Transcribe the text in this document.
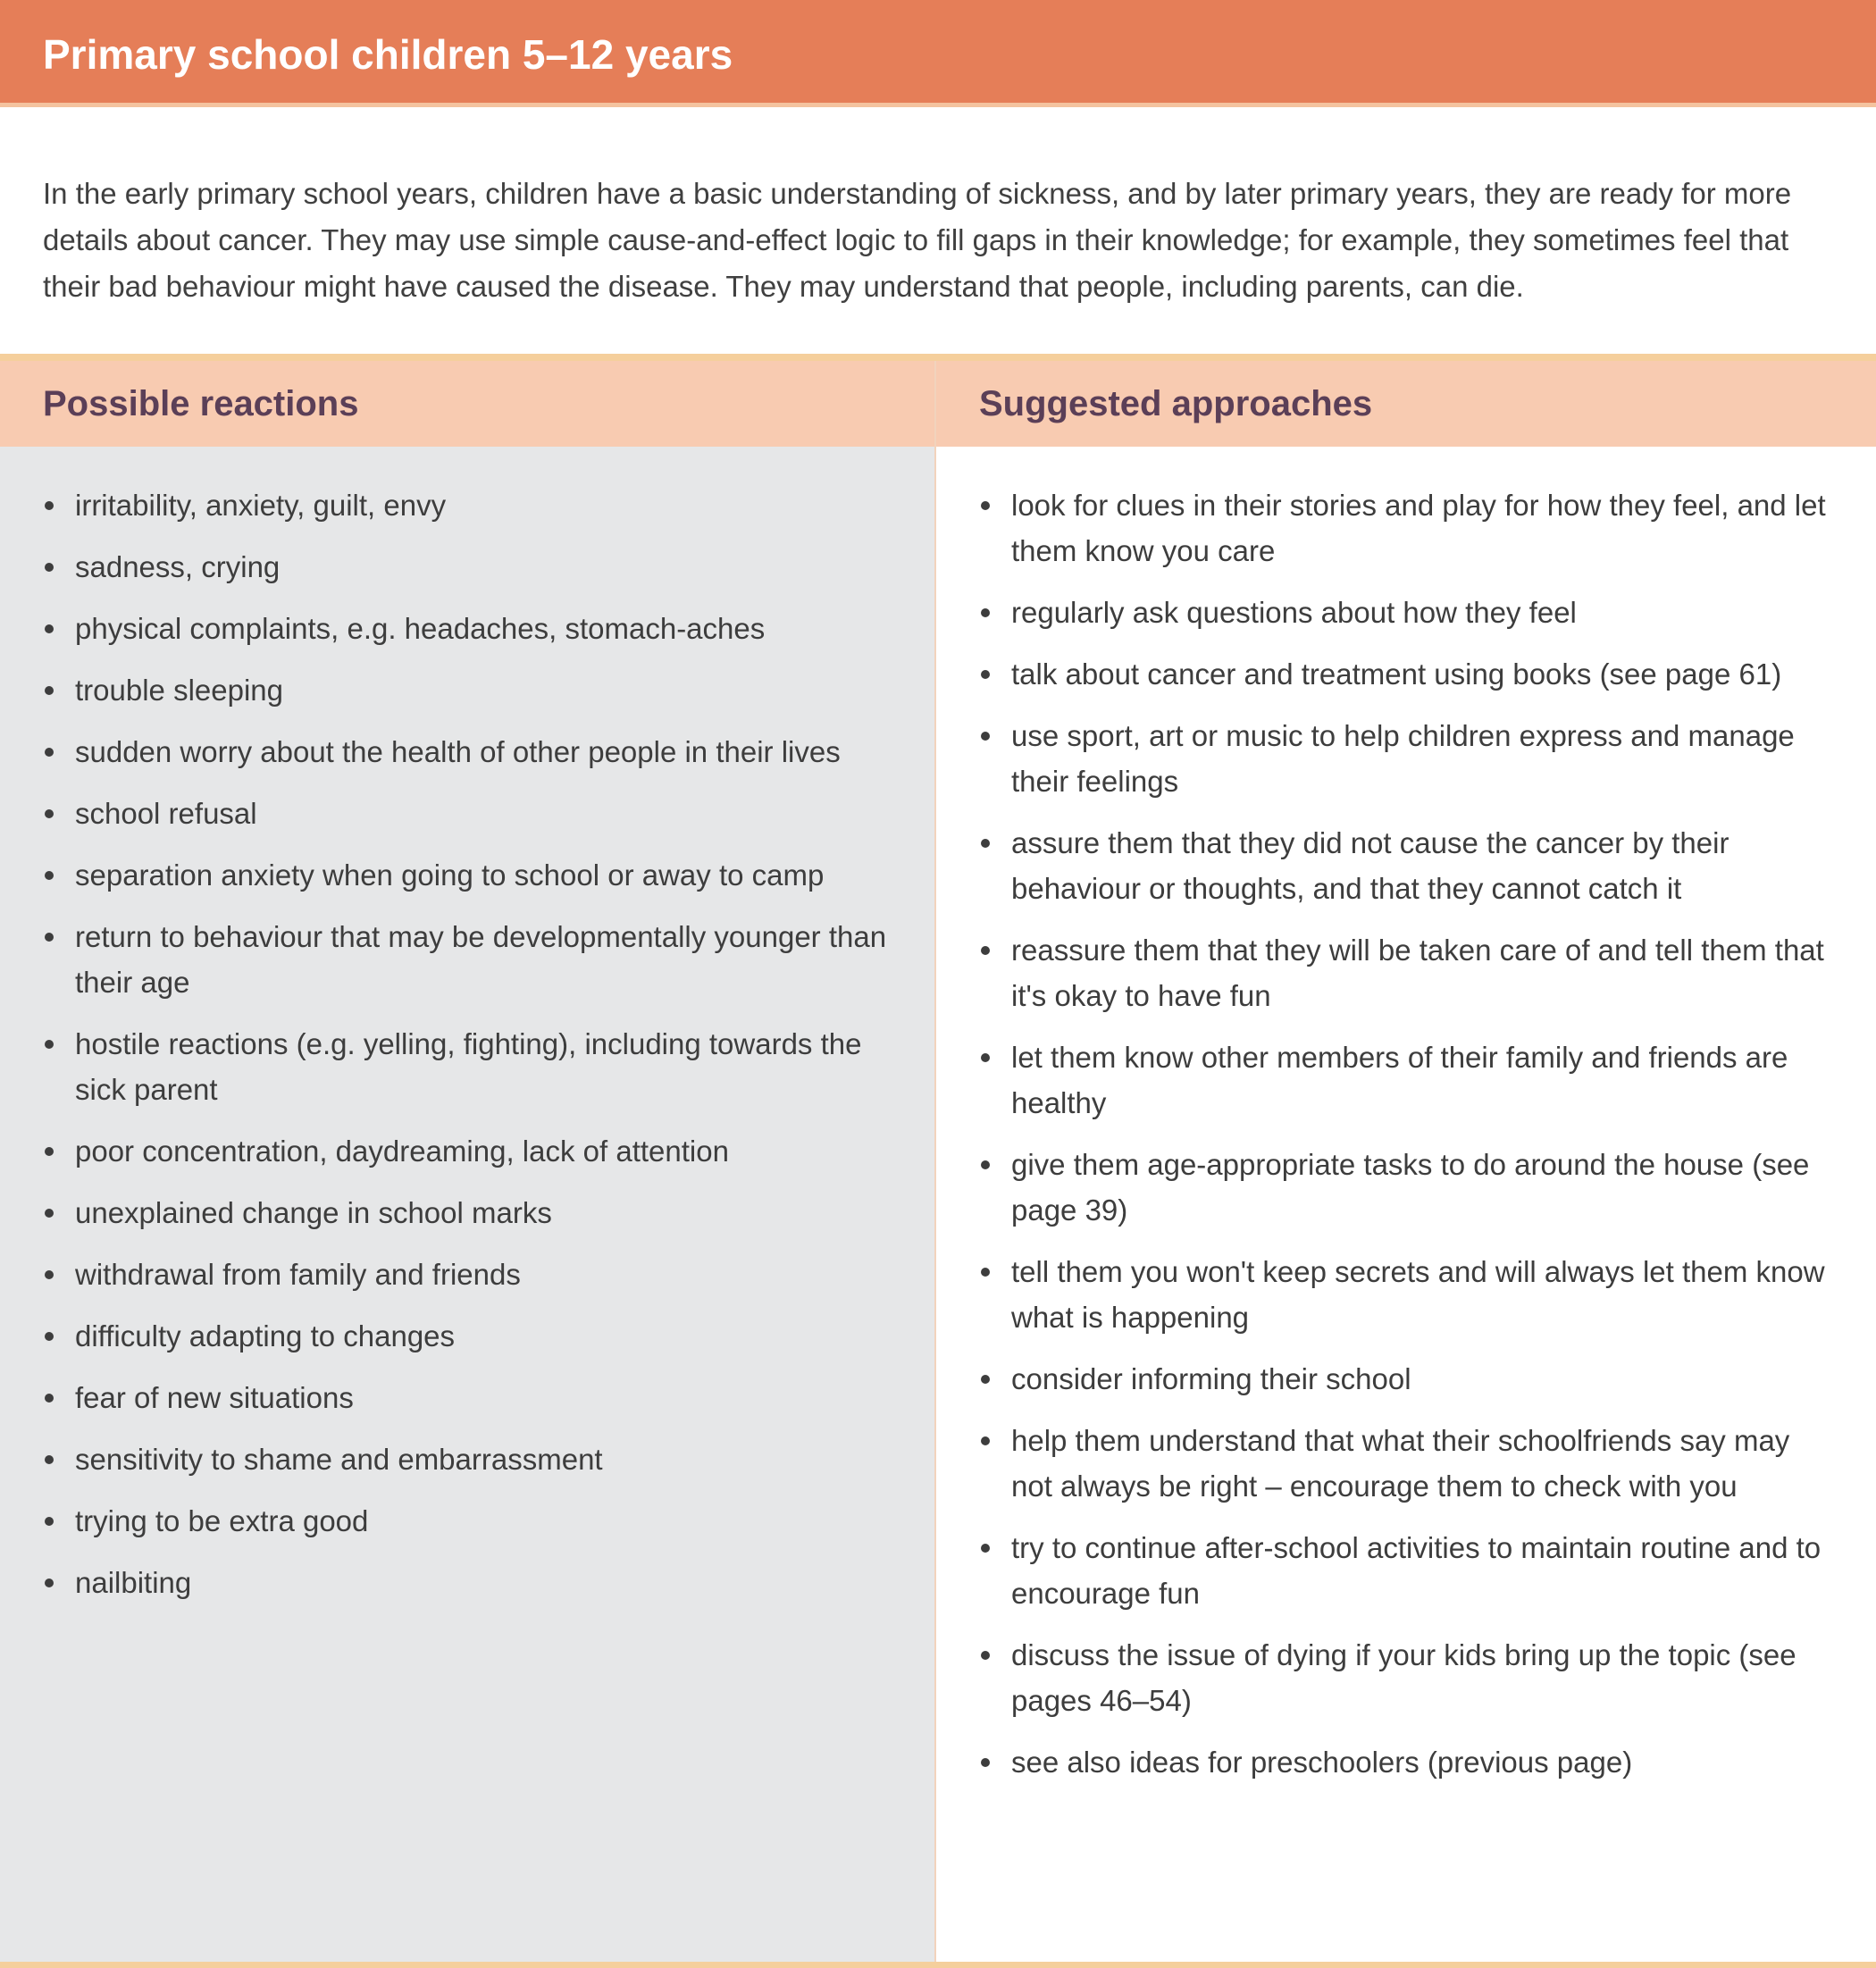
Primary school children 5–12 years

In the early primary school years, children have a basic understanding of sickness, and by later primary years, they are ready for more details about cancer. They may use simple cause-and-effect logic to fill gaps in their knowledge; for example, they sometimes feel that their bad behaviour might have caused the disease. They may understand that people, including parents, can die.

Possible reactions	Suggested approaches
irritability, anxiety, guilt, envy
sadness, crying
physical complaints, e.g. headaches, stomach-aches
trouble sleeping
sudden worry about the health of other people in their lives
school refusal
separation anxiety when going to school or away to camp
return to behaviour that may be developmentally younger than their age
hostile reactions (e.g. yelling, fighting), including towards the sick parent
poor concentration, daydreaming, lack of attention
unexplained change in school marks
withdrawal from family and friends
difficulty adapting to changes
fear of new situations
sensitivity to shame and embarrassment
trying to be extra good
nailbiting
look for clues in their stories and play for how they feel, and let them know you care
regularly ask questions about how they feel
talk about cancer and treatment using books (see page 61)
use sport, art or music to help children express and manage their feelings
assure them that they did not cause the cancer by their behaviour or thoughts, and that they cannot catch it
reassure them that they will be taken care of and tell them that it's okay to have fun
let them know other members of their family and friends are healthy
give them age-appropriate tasks to do around the house (see page 39)
tell them you won't keep secrets and will always let them know what is happening
consider informing their school
help them understand that what their schoolfriends say may not always be right – encourage them to check with you
try to continue after-school activities to maintain routine and to encourage fun
discuss the issue of dying if your kids bring up the topic (see pages 46–54)
see also ideas for preschoolers (previous page)
